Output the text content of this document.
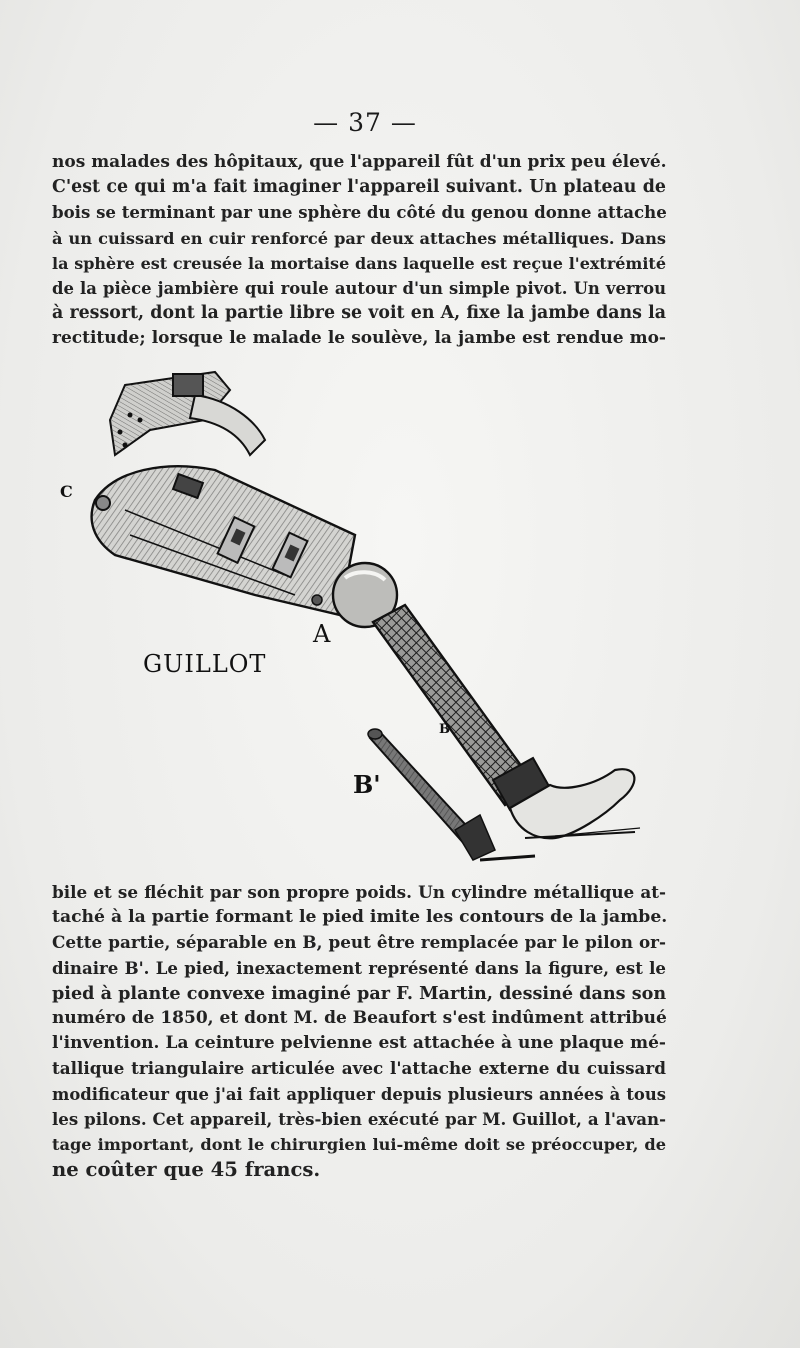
— 37 —
nos malades des hôpitaux, que l'appareil fût d'un prix peu élevé.
C'est ce qui m'a fait imaginer l'appareil suivant. Un plateau de
bois se terminant par une sphère du côté du genou donne attache
à un cuissard en cuir renforcé par deux attaches métalliques. Dans
la sphère est creusée la mortaise dans laquelle est reçue l'extrémité
de la pièce jambière qui roule autour d'un simple pivot. Un verrou
à ressort, dont la partie libre se voit en A, fixe la jambe dans la
rectitude; lorsque le malade le soulève, la jambe est rendue mo-
GUILLOT
A
C
B
B'
bile et se fléchit par son propre poids. Un cylindre métallique at-
taché à la partie formant le pied imite les contours de la jambe.
Cette partie, séparable en B, peut être remplacée par le pilon or-
dinaire B'. Le pied, inexactement représenté dans la figure, est le
pied à plante convexe imaginé par F. Martin, dessiné dans son
numéro de 1850, et dont M. de Beaufort s'est indûment attribué
l'invention. La ceinture pelvienne est attachée à une plaque mé-
tallique triangulaire articulée avec l'attache externe du cuissard
modificateur que j'ai fait appliquer depuis plusieurs années à tous
les pilons. Cet appareil, très-bien exécuté par M. Guillot, a l'avan-
tage important, dont le chirurgien lui-même doit se préoccuper, de
ne coûter que 45 francs.
